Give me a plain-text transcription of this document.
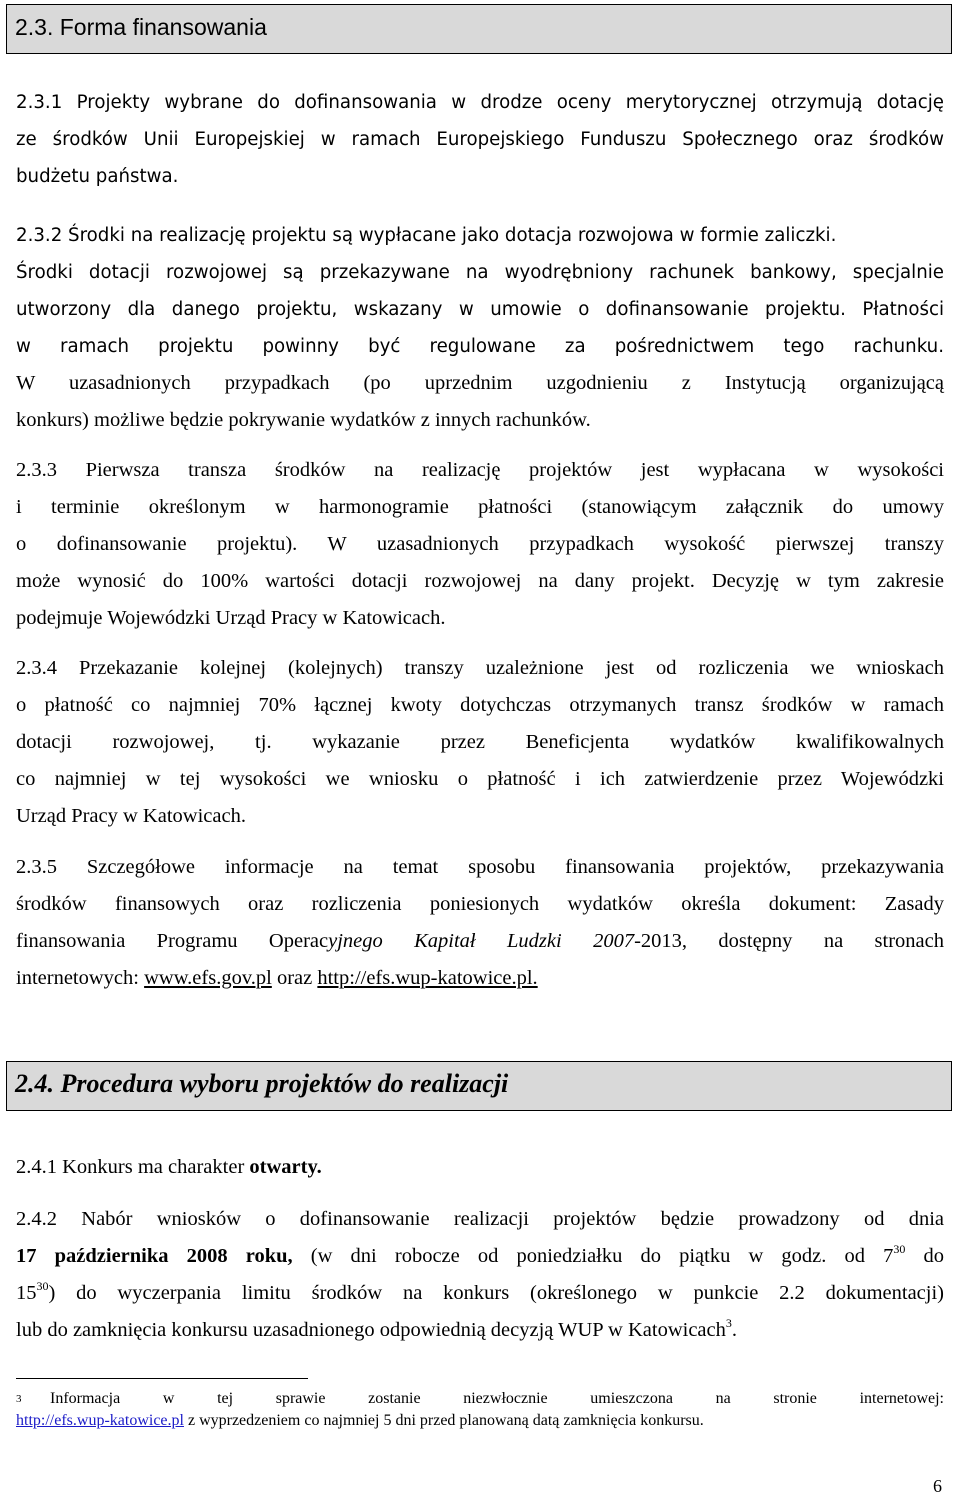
2.3. Forma finansowania
2.3.1 Projekty wybrane do dofinansowania w drodze oceny merytorycznej otrzymują dotację
ze środków Unii Europejskiej w ramach Europejskiego Funduszu Społecznego oraz środków
budżetu państwa.
2.3.2 Środki na realizację projektu są wypłacane jako dotacja rozwojowa w formie zaliczki.
Środki dotacji rozwojowej są przekazywane na wyodrębniony rachunek bankowy, specjalnie
utworzony dla danego projektu, wskazany w umowie o dofinansowanie projektu. Płatności
w ramach projektu powinny być regulowane za pośrednictwem tego rachunku.
W uzasadnionych przypadkach (po uprzednim uzgodnieniu z Instytucją organizującą
konkurs) możliwe będzie pokrywanie wydatków z innych rachunków.
2.3.3 Pierwsza transza środków na realizację projektów jest wypłacana w wysokości
i terminie określonym w harmonogramie płatności (stanowiącym załącznik do umowy
o dofinansowanie projektu). W uzasadnionych przypadkach wysokość pierwszej transzy
może wynosić do 100% wartości dotacji rozwojowej na dany projekt. Decyzję w tym zakresie
podejmuje Wojewódzki Urząd Pracy w Katowicach.
2.3.4 Przekazanie kolejnej (kolejnych) transzy uzależnione jest od rozliczenia we wnioskach
o płatność co najmniej 70% łącznej kwoty dotychczas otrzymanych transz środków w ramach
dotacji rozwojowej, tj. wykazanie przez Beneficjenta wydatków kwalifikowalnych
co najmniej w tej wysokości we wniosku o płatność i ich zatwierdzenie przez Wojewódzki
Urząd Pracy w Katowicach.
2.3.5 Szczegółowe informacje na temat sposobu finansowania projektów, przekazywania
środków finansowych oraz rozliczenia poniesionych wydatków określa dokument: Zasady
finansowania Programu Operacyjnego Kapitał Ludzki 2007-2013, dostępny na stronach
internetowych: www.efs.gov.pl oraz http://efs.wup-katowice.pl.
2.4. Procedura wyboru projektów do realizacji
2.4.1 Konkurs ma charakter otwarty.
2.4.2 Nabór wniosków o dofinansowanie realizacji projektów będzie prowadzony od dnia
17 października 2008 roku, (w dni robocze od poniedziałku do piątku w godz. od $7^{30}$ do
$15^{30}$) do wyczerpania limitu środków na konkurs (określonego w punkcie 2.2 dokumentacji)
lub do zamknięcia konkursu uzasadnionego odpowiednią decyzją WUP w Katowicach$^3$.
3	Informacja w tej sprawie zostanie niezwłocznie umieszczona na stronie internetowej:
http://efs.wup-katowice.pl z wyprzedzeniem co najmniej 5 dni przed planowaną datą zamknięcia konkursu.
6
